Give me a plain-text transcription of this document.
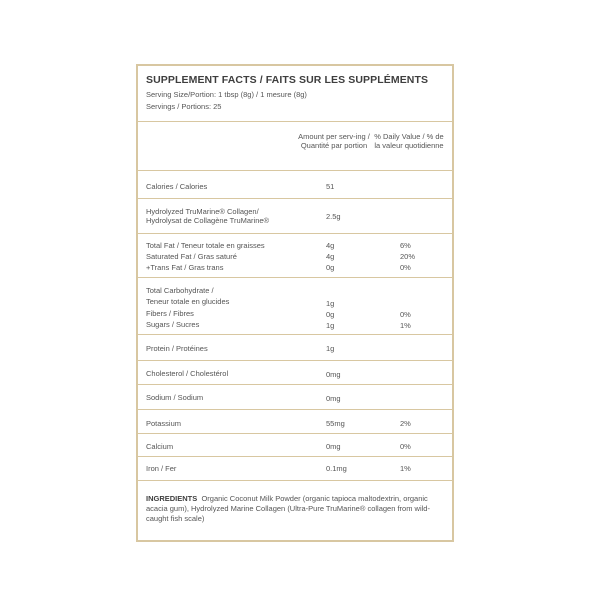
SUPPLEMENT FACTS / FAITS SUR LES SUPPLÉMENTS
Serving Size/Portion: 1 tbsp (8g) / 1 mesure (8g)
Servings / Portions: 25
Amount per serv-ing / Quantité par portion
% Daily Value / % de la valeur quotidienne
Calories / Calories	51
Hydrolyzed TruMarine® Collagen/
Hydrolysat de Collagène TruMarine®	2.5g
Total Fat / Teneur totale en graisses	4g	6%
Saturated Fat / Gras saturé	4g	20%
+Trans Fat / Gras trans	0g	0%
Total Carbohydrate /
Teneur totale en glucides	1g
Fibers / Fibres	0g	0%
Sugars / Sucres	1g	1%
Protein / Protéines	1g
Cholesterol / Cholestérol	0mg
Sodium / Sodium	0mg
Potassium	55mg	2%
Calcium	0mg	0%
Iron / Fer	0.1mg	1%
INGREDIENTS Organic Coconut Milk Powder (organic tapioca maltodextrin, organic acacia gum), Hydrolyzed Marine Collagen (Ultra-Pure TruMarine® collagen from wild-caught fish scale)
